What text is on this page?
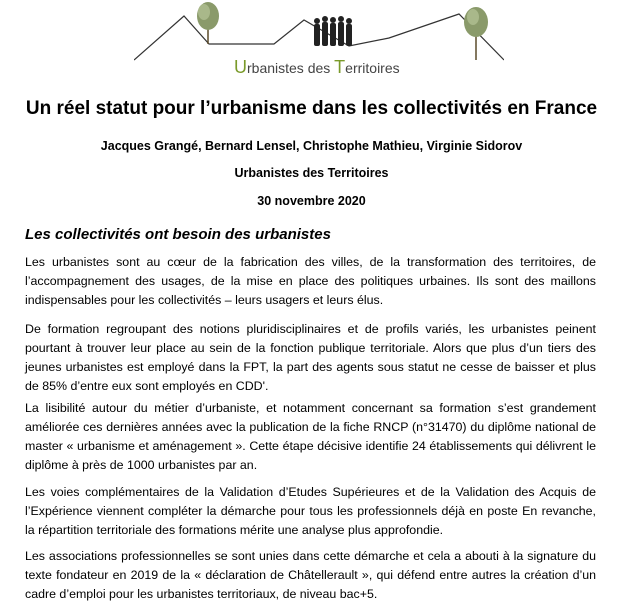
Urbanistes des Territoires
Un réel statut pour l’urbanisme dans les collectivités en France
Jacques Grangé, Bernard Lensel, Christophe Mathieu, Virginie Sidorov
Urbanistes des Territoires
30 novembre 2020
Les collectivités ont besoin des urbanistes

Les urbanistes sont au cœur de la fabrication des villes, de la transformation des territoires, de l’accompagnement des usages, de la mise en place des politiques urbaines. Ils sont des maillons indispensables pour les collectivités – leurs usagers et leurs élus.

De formation regroupant des notions pluridisciplinaires et de profils variés, les urbanistes peinent pourtant à trouver leur place au sein de la fonction publique territoriale. Alors que plus d’un tiers des jeunes urbanistes est employé dans la FPT, la part des agents sous statut ne cesse de baisser et plus de 85% d’entre eux sont employés en CDD'.

La lisibilité autour du métier d’urbaniste, et notamment concernant sa formation s’est grandement améliorée ces dernières années avec la publication de la fiche RNCP (n°31470) du diplôme national de master « urbanisme et aménagement ». Cette étape décisive identifie 24 établissements qui délivrent le diplôme à près de 1000 urbanistes par an.

Les voies complémentaires de la Validation d’Etudes Supérieures et de la Validation des Acquis de l’Expérience viennent compléter la démarche pour tous les professionnels déjà en poste En revanche, la répartition territoriale des formations mérite une analyse plus approfondie.

Les associations professionnelles se sont unies dans cette démarche et cela a abouti à la signature du texte fondateur en 2019 de la « déclaration de Châtellerault », qui défend entre autres la création d’un cadre d’emploi pour les urbanistes territoriaux, de niveau bac+5.
